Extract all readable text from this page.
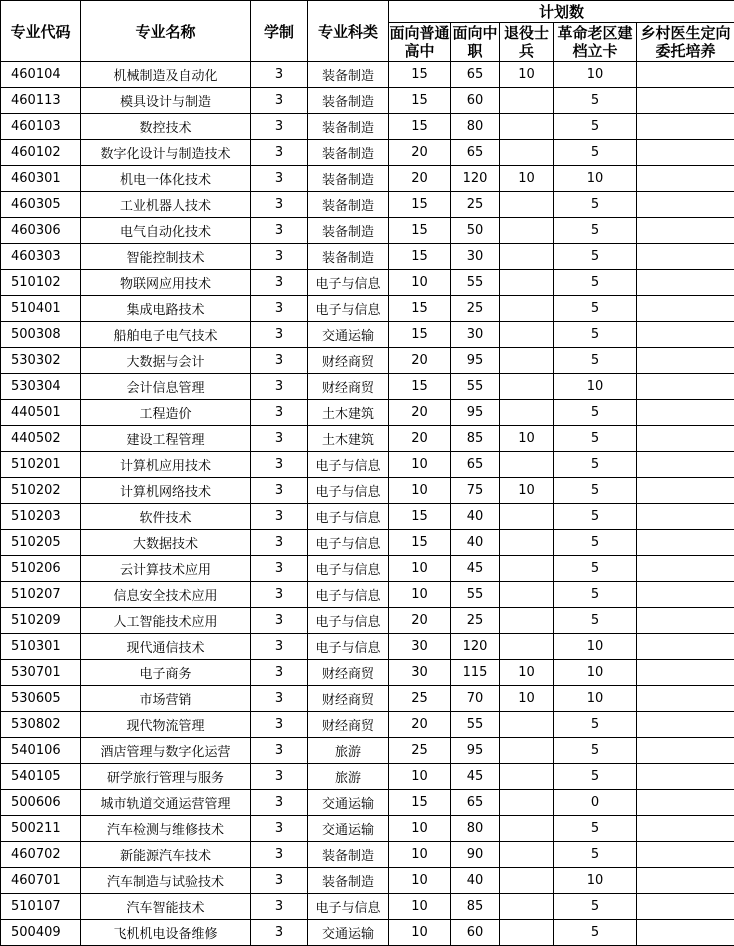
专业代码	专业名称	学制	专业科类	计划数				
				面向普通高中	面向中职	退役士兵	革命老区建档立卡	乡村医生定向委托培养
460104	机械制造及自动化	3	装备制造	15	65	10	10	
460113	模具设计与制造	3	装备制造	15	60		5	
460103	数控技术	3	装备制造	15	80		5	
460102	数字化设计与制造技术	3	装备制造	20	65		5	
460301	机电一体化技术	3	装备制造	20	120	10	10	
460305	工业机器人技术	3	装备制造	15	25		5	
460306	电气自动化技术	3	装备制造	15	50		5	
460303	智能控制技术	3	装备制造	15	30		5	
510102	物联网应用技术	3	电子与信息	10	55		5	
510401	集成电路技术	3	电子与信息	15	25		5	
500308	船舶电子电气技术	3	交通运输	15	30		5	
530302	大数据与会计	3	财经商贸	20	95		5	
530304	会计信息管理	3	财经商贸	15	55		10	
440501	工程造价	3	土木建筑	20	95		5	
440502	建设工程管理	3	土木建筑	20	85	10	5	
510201	计算机应用技术	3	电子与信息	10	65		5	
510202	计算机网络技术	3	电子与信息	10	75	10	5	
510203	软件技术	3	电子与信息	15	40		5	
510205	大数据技术	3	电子与信息	15	40		5	
510206	云计算技术应用	3	电子与信息	10	45		5	
510207	信息安全技术应用	3	电子与信息	10	55		5	
510209	人工智能技术应用	3	电子与信息	20	25		5	
510301	现代通信技术	3	电子与信息	30	120		10	
530701	电子商务	3	财经商贸	30	115	10	10	
530605	市场营销	3	财经商贸	25	70	10	10	
530802	现代物流管理	3	财经商贸	20	55		5	
540106	酒店管理与数字化运营	3	旅游	25	95		5	
540105	研学旅行管理与服务	3	旅游	10	45		5	
500606	城市轨道交通运营管理	3	交通运输	15	65		0	
500211	汽车检测与维修技术	3	交通运输	10	80		5	
460702	新能源汽车技术	3	装备制造	10	90		5	
460701	汽车制造与试验技术	3	装备制造	10	40		10	
510107	汽车智能技术	3	电子与信息	10	85		5	
500409	飞机机电设备维修	3	交通运输	10	60		5	
